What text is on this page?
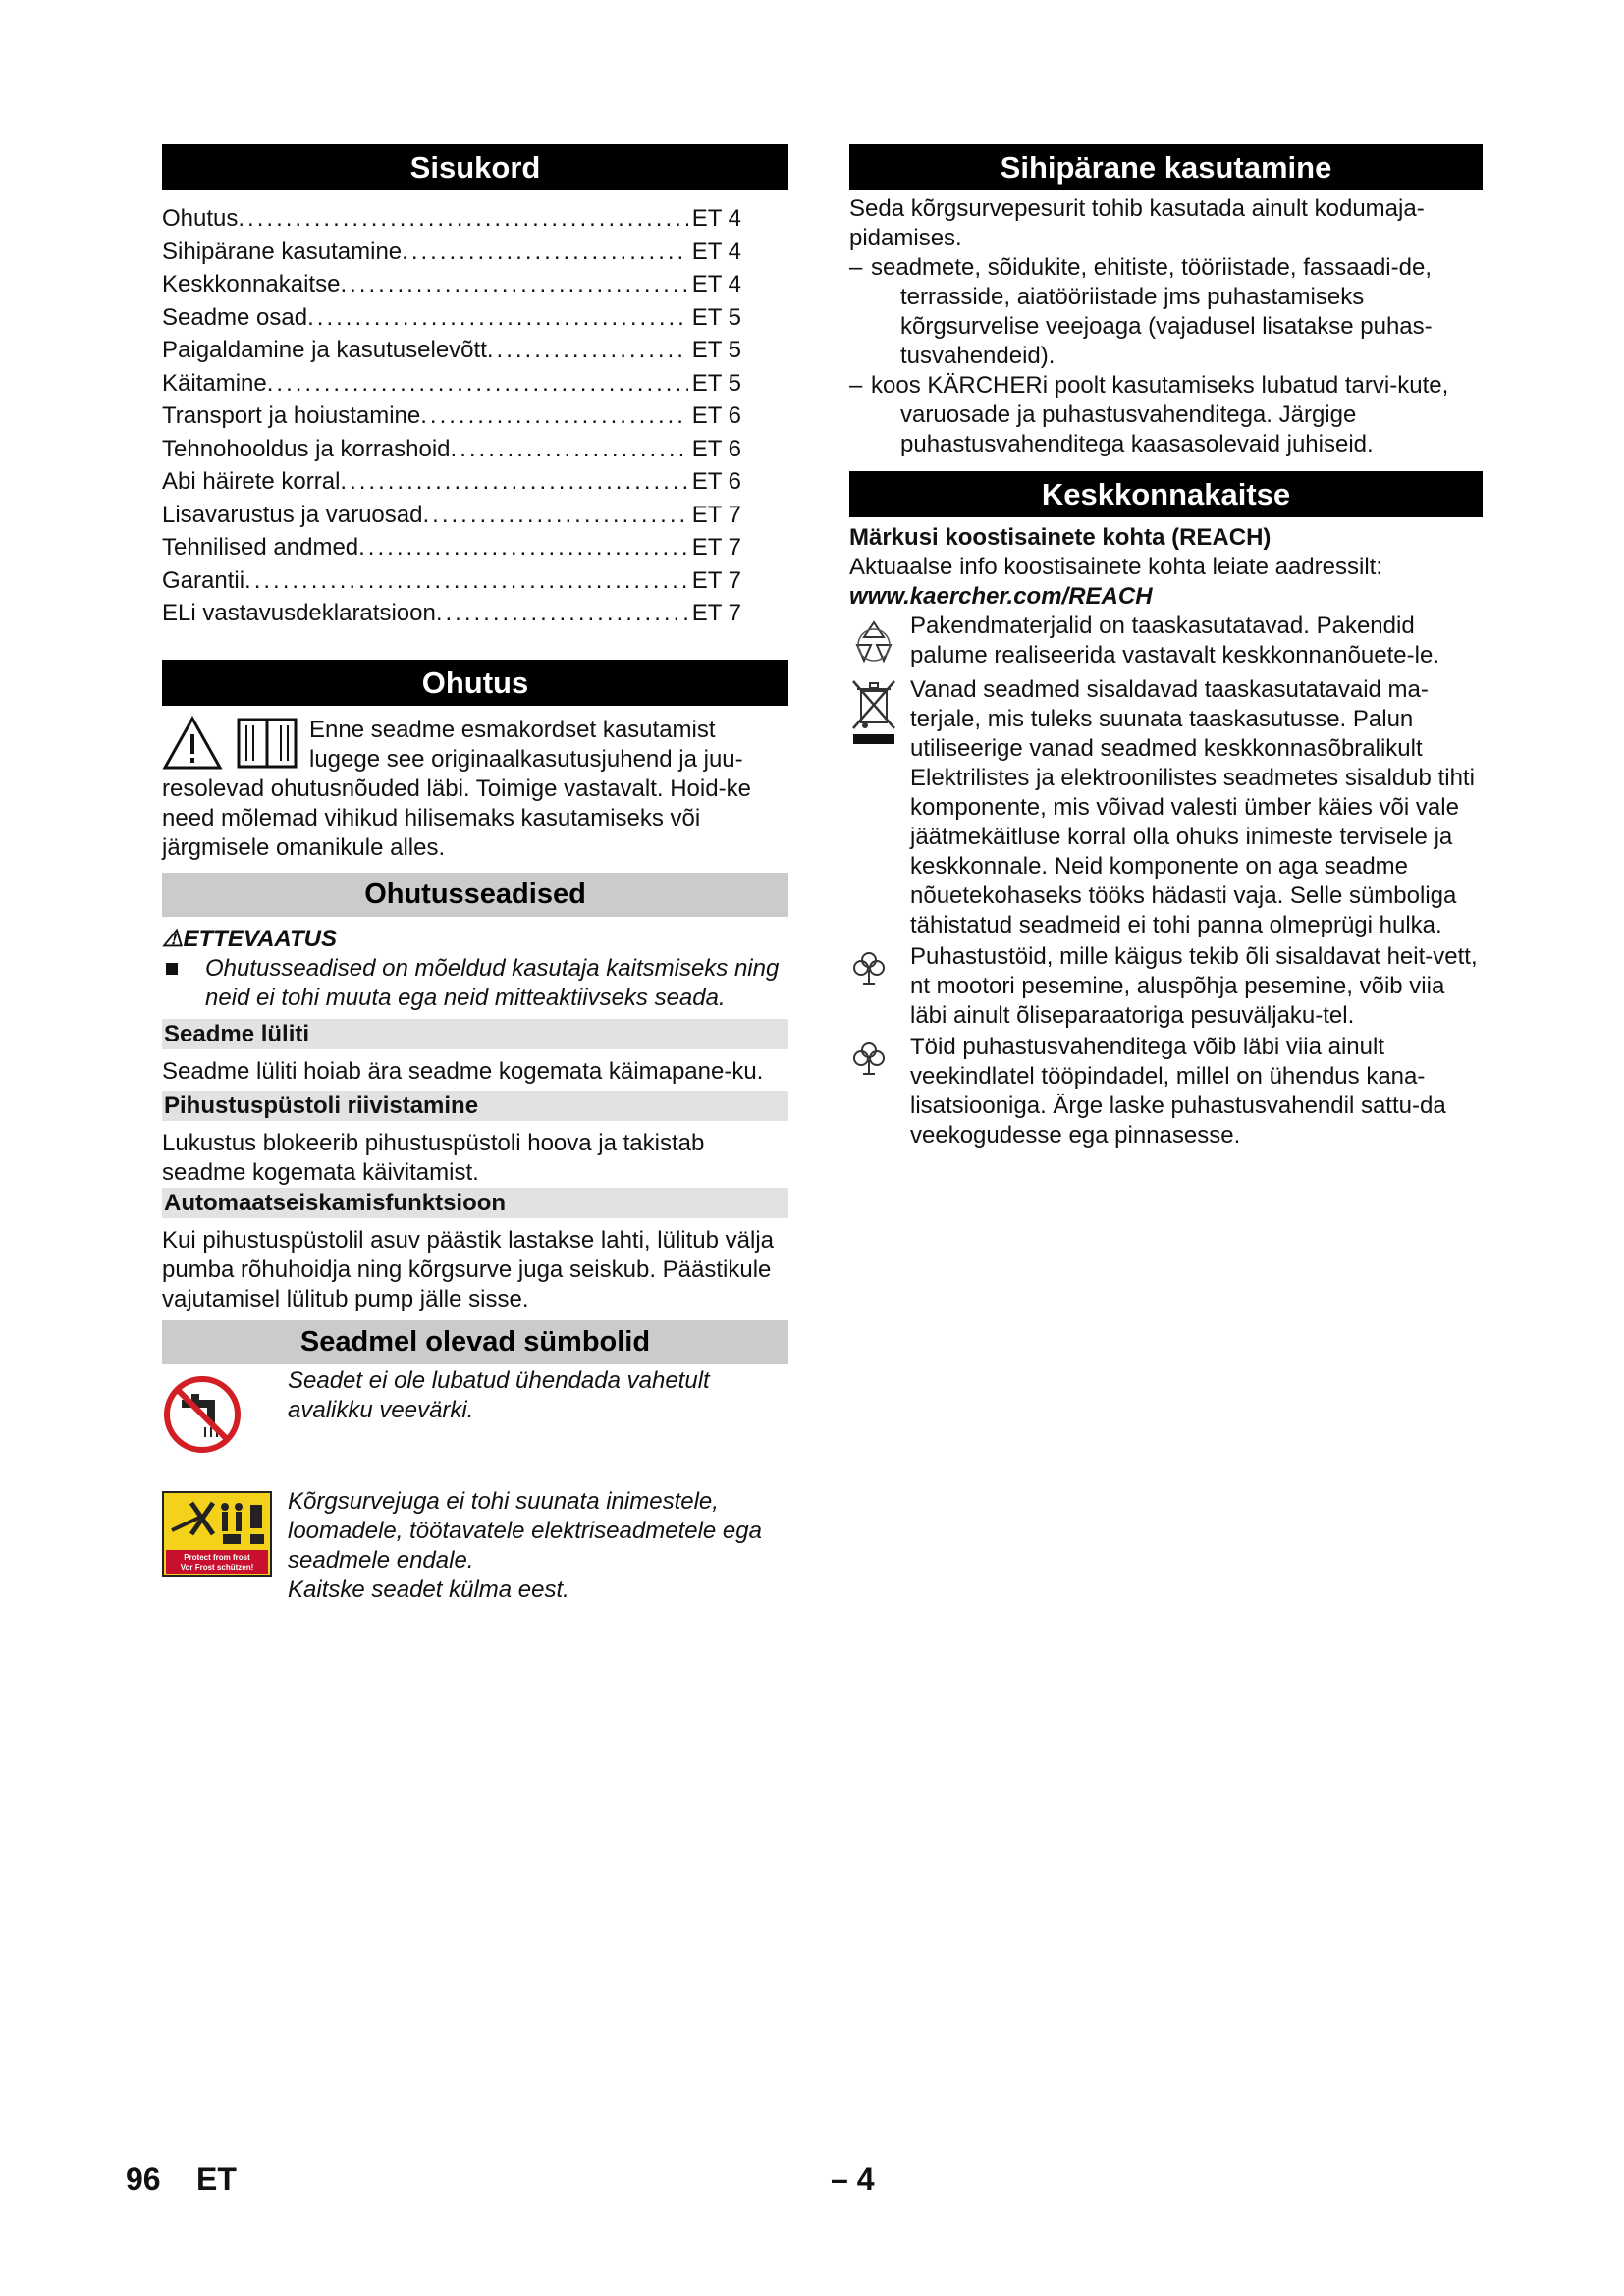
Sisukord
Ohutus .....	ET 4
Sihipärane kasutamine .....	ET 4
Keskkonnakaitse .....	ET 4
Seadme osad .....	ET 5
Paigaldamine ja kasutuselevõtt .....	ET 5
Käitamine .....	ET 5
Transport ja hoiustamine .....	ET 6
Tehnohooldus ja korrashoid .....	ET 6
Abi häirete korral .....	ET 6
Lisavarustus ja varuosad .....	ET 7
Tehnilised andmed .....	ET 7
Garantii .....	ET 7
ELi vastavusdeklaratsioon .....	ET 7
Ohutus

Enne seadme esmakordset kasutamist

lugege see originaalkasutusjuhend ja juu-

resolevad ohutusnõuded läbi. Toimige vastavalt. Hoid-ke need mõlemad vihikud hilisemaks kasutamiseks või järgmisele omanikule alles.

Ohutusseadised
⚠ETTEVAATUS
Ohutusseadised on mõeldud kasutaja kaitsmiseks ning neid ei tohi muuta ega neid mitteaktiivseks seada.
Seadme lüliti

Seadme lüliti hoiab ära seadme kogemata käimapane-ku.

Pihustuspüstoli riivistamine

Lukustus blokeerib pihustuspüstoli hoova ja takistab seadme kogemata käivitamist.

Automaatseiskamisfunktsioon

Kui pihustuspüstolil asuv päästik lastakse lahti, lülitub välja pumba rõhuhoidja ning kõrgsurve juga seiskub. Päästikule vajutamisel lülitub pump jälle sisse.

Seadmel olevad sümbolid
Seadet ei ole lubatud ühendada vahetult avalikku veevärki.
Protect from frost
Vor Frost schützen!
Kõrgsurvejuga ei tohi suunata inimestele, loomadele, töötavatele elektriseadmetele ega seadmele endale.
Kaitske seadet külma eest.
Sihipärane kasutamine

Seda kõrgsurvepesurit tohib kasutada ainult kodumaja-pidamises.

– seadmete, sõidukite, ehitiste, tööriistade, fassaadi-de, terrasside, aiatööriistade jms puhastamiseks kõrgsurvelise veejoaga (vajadusel lisatakse puhas-tusvahendeid).
– koos KÄRCHERi poolt kasutamiseks lubatud tarvi-kute, varuosade ja puhastusvahenditega. Järgige puhastusvahenditega kaasasolevaid juhiseid.
Keskkonnakaitse

Märkusi koostisainete kohta (REACH)

Aktuaalse info koostisainete kohta leiate aadressilt:

www.kaercher.com/REACH

Pakendmaterjalid on taaskasutatavad. Pakendid palume realiseerida vastavalt keskkonnanõuete-le.
Vanad seadmed sisaldavad taaskasutatavaid ma-terjale, mis tuleks suunata taaskasutusse. Palun utiliseerige vanad seadmed keskkonnasõbralikult Elektrilistes ja elektroonilistes seadmetes sisaldub tihti komponente, mis võivad valesti ümber käies või vale jäätmekäitluse korral olla ohuks inimeste tervisele ja keskkonnale. Neid komponente on aga seadme nõuetekohaseks tööks hädasti vaja. Selle sümboliga tähistatud seadmeid ei tohi panna olmeprügi hulka.
Puhastustöid, mille käigus tekib õli sisaldavat heit-vett, nt mootori pesemine, aluspõhja pesemine, võib viia läbi ainult õliseparaatoriga pesuväljaku-tel.
Töid puhastusvahenditega võib läbi viia ainult veekindlatel tööpindadel, millel on ühendus kana-lisatsiooniga. Ärge laske puhastusvahendil sattu-da veekogudesse ega pinnasesse.
96 ET	– 4
